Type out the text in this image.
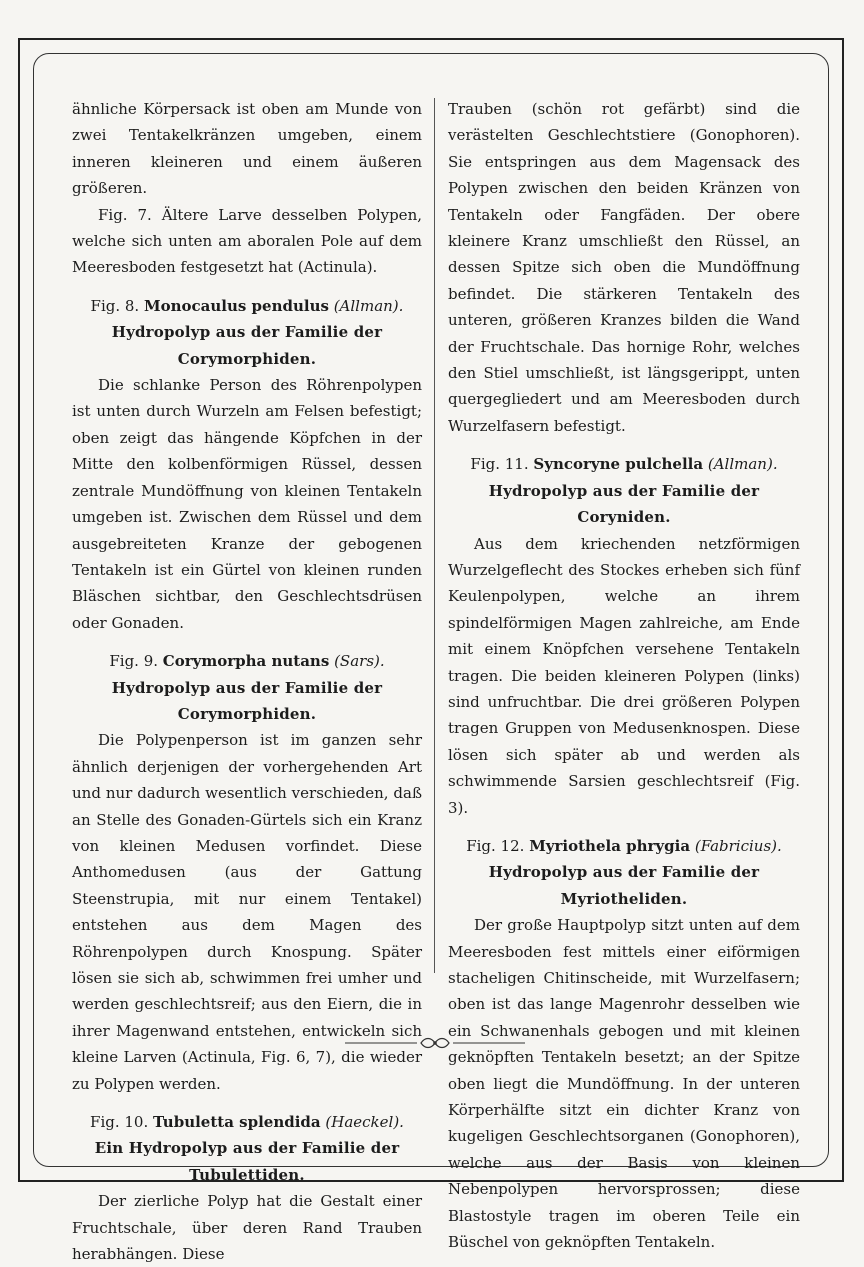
ähnliche Körpersack ist oben am Munde von zwei Tentakelkränzen umgeben, einem inneren kleineren und einem äußeren größeren.

Fig. 7. Ältere Larve desselben Polypen, welche sich unten am aboralen Pole auf dem Meeresboden festgesetzt hat (Actinula).

Fig. 8. Monocaulus pendulus (Allman).

Hydropolyp aus der Familie der Corymorphiden.

Die schlanke Person des Röhrenpolypen ist unten durch Wurzeln am Felsen befestigt; oben zeigt das hängende Köpfchen in der Mitte den kolbenförmigen Rüssel, dessen zentrale Mundöffnung von kleinen Tentakeln umgeben ist. Zwischen dem Rüssel und dem ausgebreiteten Kranze der gebogenen Tentakeln ist ein Gürtel von kleinen runden Bläschen sichtbar, den Geschlechtsdrüsen oder Gonaden.

Fig. 9. Corymorpha nutans (Sars).

Hydropolyp aus der Familie der Corymorphiden.

Die Polypenperson ist im ganzen sehr ähnlich derjenigen der vorhergehenden Art und nur dadurch wesentlich verschieden, daß an Stelle des Gonaden-Gürtels sich ein Kranz von kleinen Medusen vorfindet. Diese Anthomedusen (aus der Gattung Steenstrupia, mit nur einem Tentakel) entstehen aus dem Magen des Röhrenpolypen durch Knospung. Später lösen sie sich ab, schwimmen frei umher und werden geschlechtsreif; aus den Eiern, die in ihrer Magenwand entstehen, entwickeln sich kleine Larven (Actinula, Fig. 6, 7), die wieder zu Polypen werden.

Fig. 10. Tubuletta splendida (Haeckel).

Ein Hydropolyp aus der Familie der Tubulettiden.

Der zierliche Polyp hat die Gestalt einer Fruchtschale, über deren Rand Trauben herabhängen. Diese

Trauben (schön rot gefärbt) sind die verästelten Geschlechtstiere (Gonophoren). Sie entspringen aus dem Magensack des Polypen zwischen den beiden Kränzen von Tentakeln oder Fangfäden. Der obere kleinere Kranz umschließt den Rüssel, an dessen Spitze sich oben die Mundöffnung befindet. Die stärkeren Tentakeln des unteren, größeren Kranzes bilden die Wand der Fruchtschale. Das hornige Rohr, welches den Stiel umschließt, ist längsgerippt, unten quergegliedert und am Meeresboden durch Wurzelfasern befestigt.

Fig. 11. Syncoryne pulchella (Allman).

Hydropolyp aus der Familie der Coryniden.

Aus dem kriechenden netzförmigen Wurzelgeflecht des Stockes erheben sich fünf Keulenpolypen, welche an ihrem spindelförmigen Magen zahlreiche, am Ende mit einem Knöpfchen versehene Tentakeln tragen. Die beiden kleineren Polypen (links) sind unfruchtbar. Die drei größeren Polypen tragen Gruppen von Medusenknospen. Diese lösen sich später ab und werden als schwimmende Sarsien geschlechtsreif (Fig. 3).

Fig. 12. Myriothela phrygia (Fabricius).

Hydropolyp aus der Familie der Myriotheliden.

Der große Hauptpolyp sitzt unten auf dem Meeresboden fest mittels einer eiförmigen stacheligen Chitinscheide, mit Wurzelfasern; oben ist das lange Magenrohr desselben wie ein Schwanenhals gebogen und mit kleinen geknöpften Tentakeln besetzt; an der Spitze oben liegt die Mundöffnung. In der unteren Körperhälfte sitzt ein dichter Kranz von kugeligen Geschlechtsorganen (Gonophoren), welche aus der Basis von kleinen Nebenpolypen hervorsprossen; diese Blastostyle tragen im oberen Teile ein Büschel von geknöpften Tentakeln.
